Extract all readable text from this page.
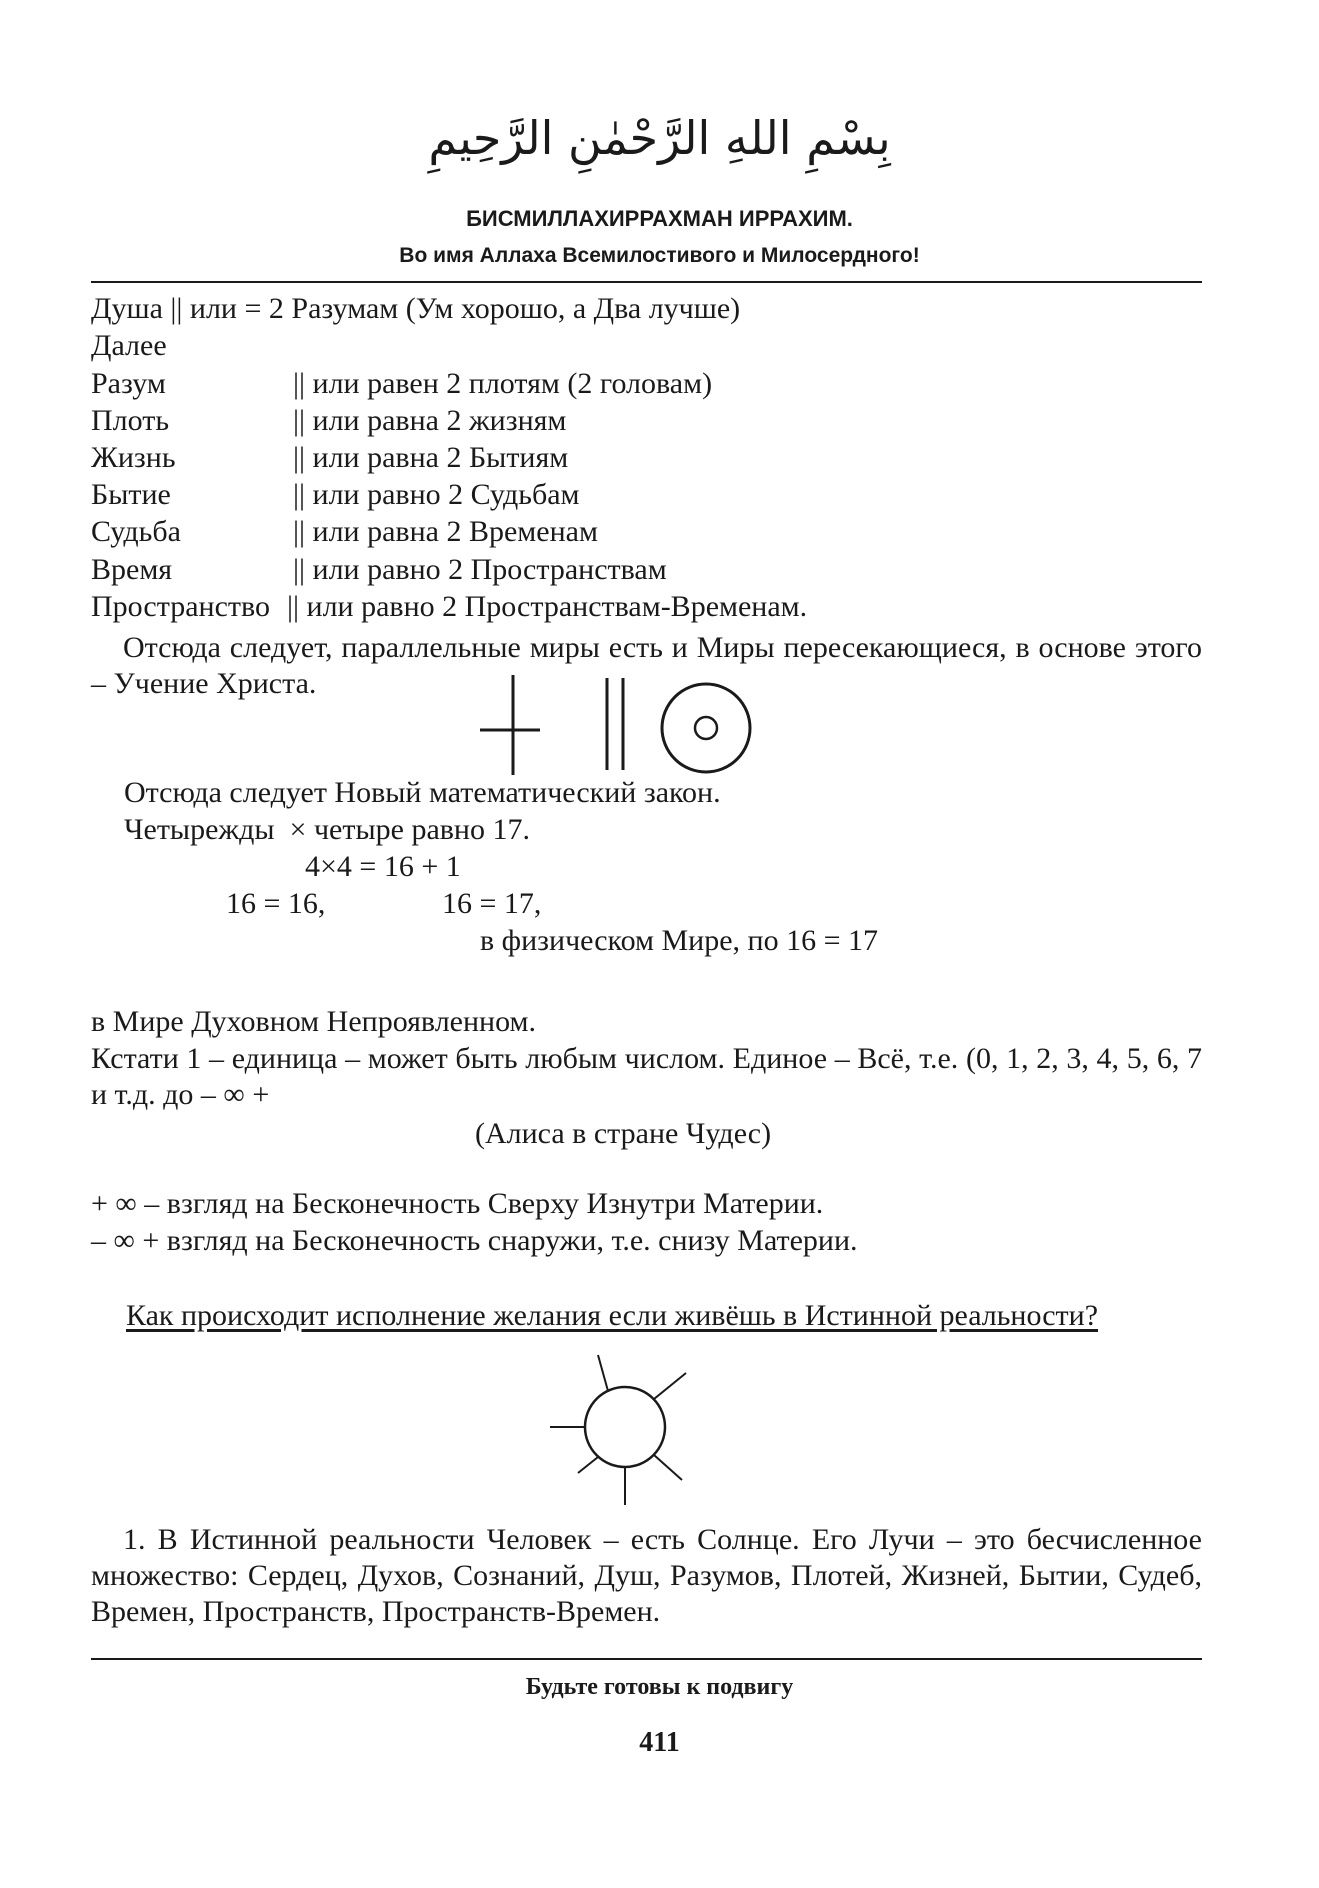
بِسْمِ اللهِ الرَّحْمٰنِ الرَّحِيمِ
БИСМИЛЛАХИРРАХМАН ИРРАХИМ.
Во имя Аллаха Всемилостивого и Милосердного!
Душа || или = 2 Разумам (Ум хорошо, а Два лучше)
Далее
Разум	|| или равен 2 плотям (2 головам)
Плоть	|| или равна 2 жизням
Жизнь	|| или равна 2 Бытиям
Бытие	|| или равно 2 Судьбам
Судьба	|| или равна 2 Временам
Время	|| или равно 2 Пространствам
Пространство || или равно 2 Пространствам-Временам.
Отсюда следует, параллельные миры есть и Миры пересекающиеся, в основе этого – Учение Христа.
Отсюда следует Новый математический закон.
Четырежды  × четыре равно 17.
4×4 = 16 + 1
16 = 16,	16 = 17,
в физическом Мире, по 16 = 17
в Мире Духовном Непроявленном.
Кстати 1 – единица – может быть любым числом. Единое – Всё, т.е. (0, 1, 2, 3, 4, 5, 6, 7 и т.д. до – ∞ +
(Алиса в стране Чудес)
+ ∞ – взгляд на Бесконечность Сверху Изнутри Материи.
– ∞ + взгляд на Бесконечность снаружи, т.е. снизу Материи.
Как происходит исполнение желания если живёшь в Истинной реальности?
1. В Истинной реальности Человек – есть Солнце. Его Лучи – это бесчисленное множество: Сердец, Духов, Сознаний, Душ, Разумов, Плотей, Жизней, Бытии, Судеб, Времен, Пространств, Пространств-Времен.
Будьте готовы к подвигу
411
